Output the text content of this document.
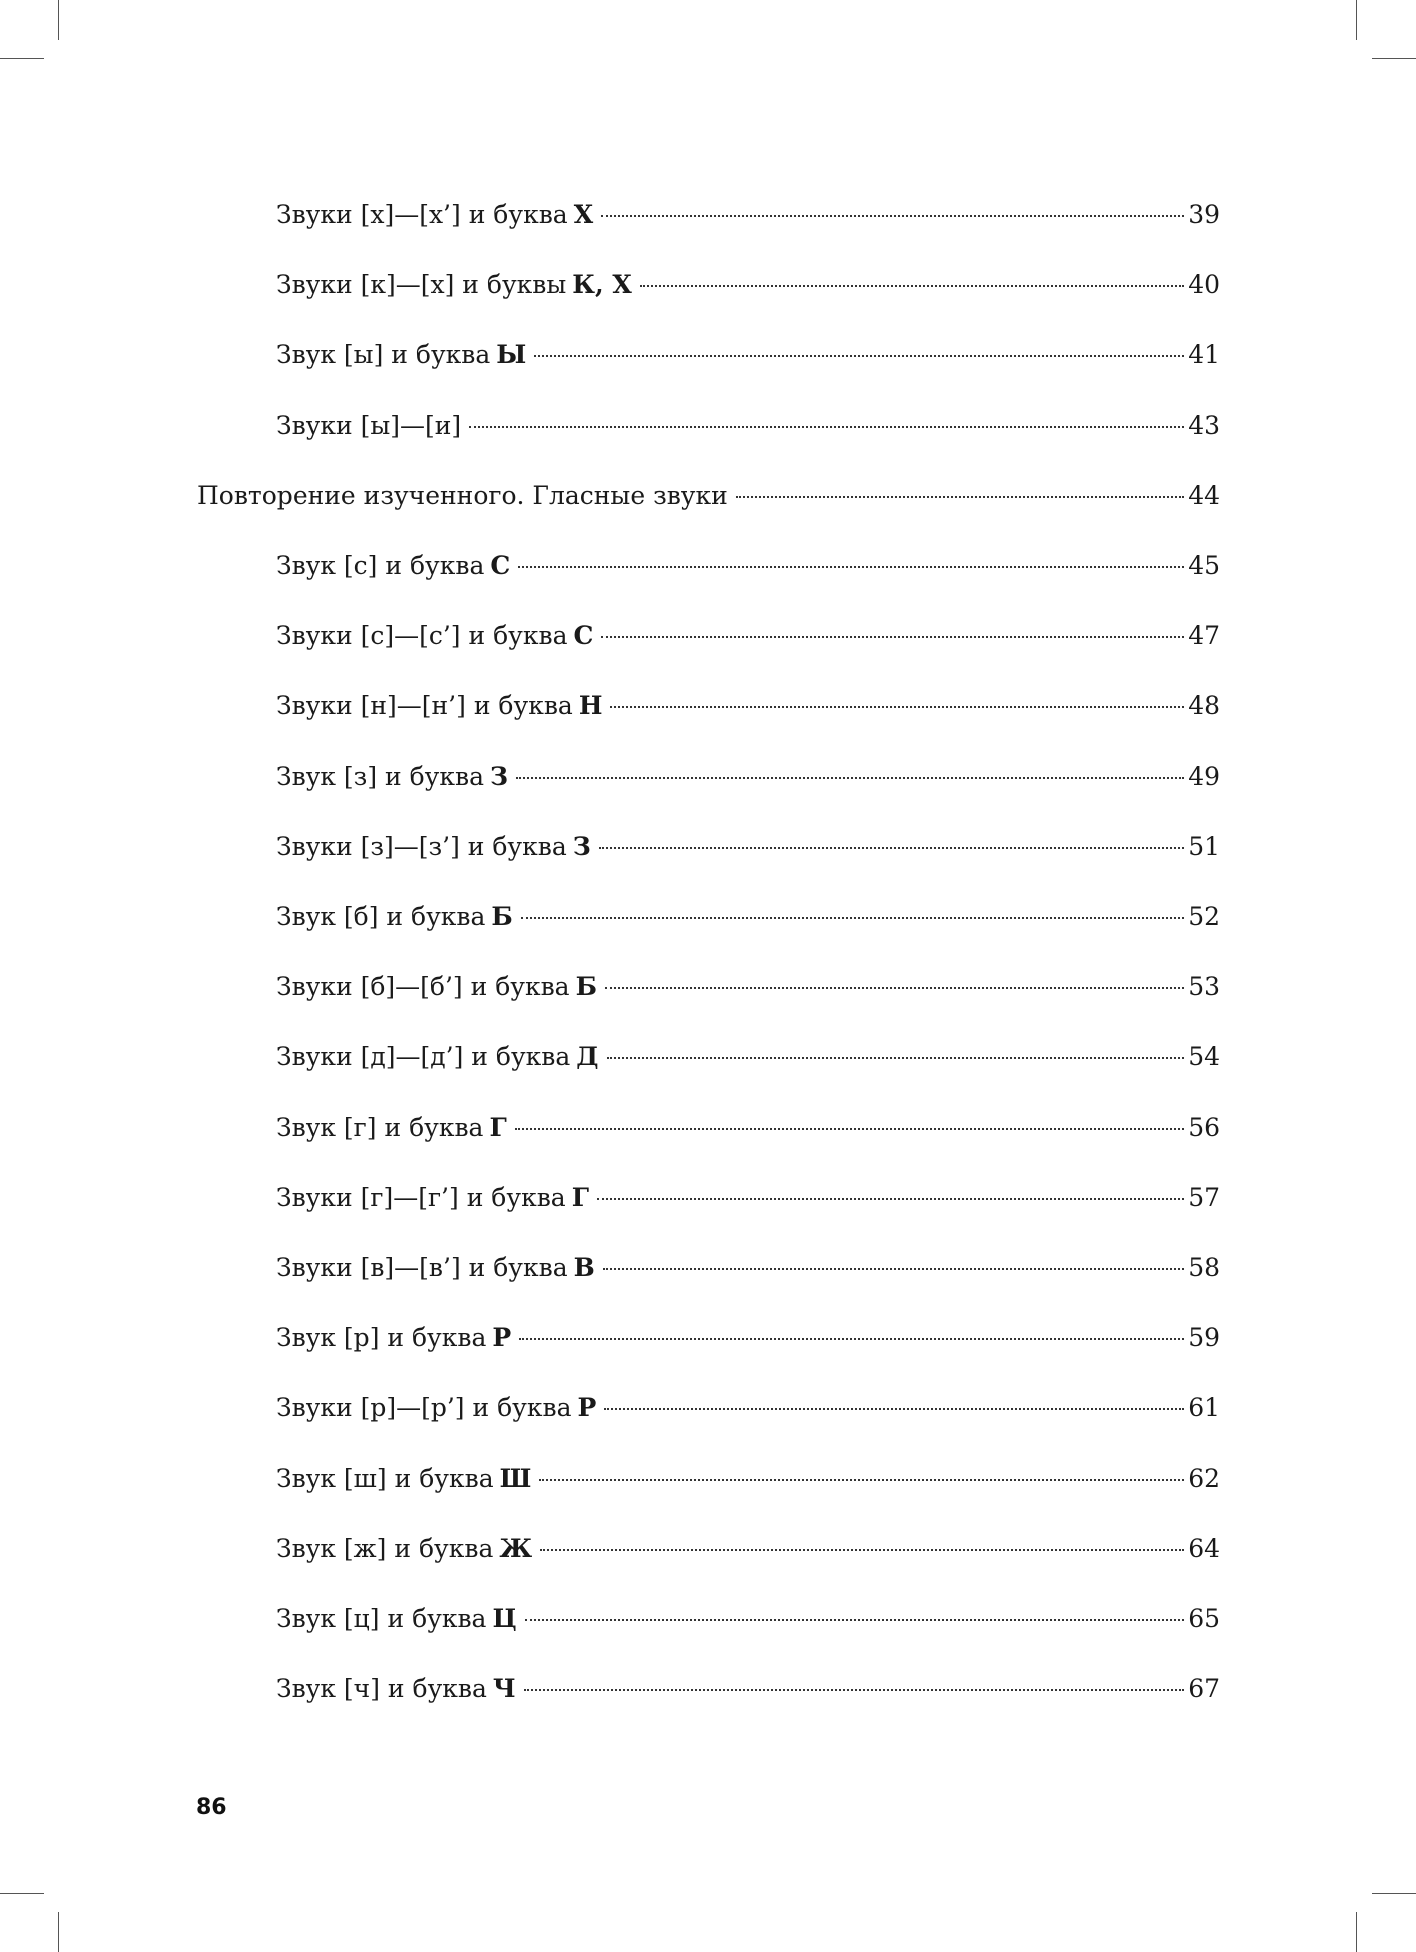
Звуки [х]—[х’] и буква Х	39
Звуки [к]—[х] и буквы К, Х	40
Звук [ы] и буква Ы	41
Звуки [ы]—[и]	43
Повторение изученного. Гласные звуки	44
Звук [с] и буква С	45
Звуки [с]—[с’] и буква С	47
Звуки [н]—[н’] и буква Н	48
Звук [з] и буква З	49
Звуки [з]—[з’] и буква З	51
Звук [б] и буква Б	52
Звуки [б]—[б’] и буква Б	53
Звуки [д]—[д’] и буква Д	54
Звук [г] и буква Г	56
Звуки [г]—[г’] и буква Г	57
Звуки [в]—[в’] и буква В	58
Звук [р] и буква Р	59
Звуки [р]—[р’] и буква Р	61
Звук [ш] и буква Ш	62
Звук [ж] и буква Ж	64
Звук [ц] и буква Ц	65
Звук [ч] и буква Ч	67
86
